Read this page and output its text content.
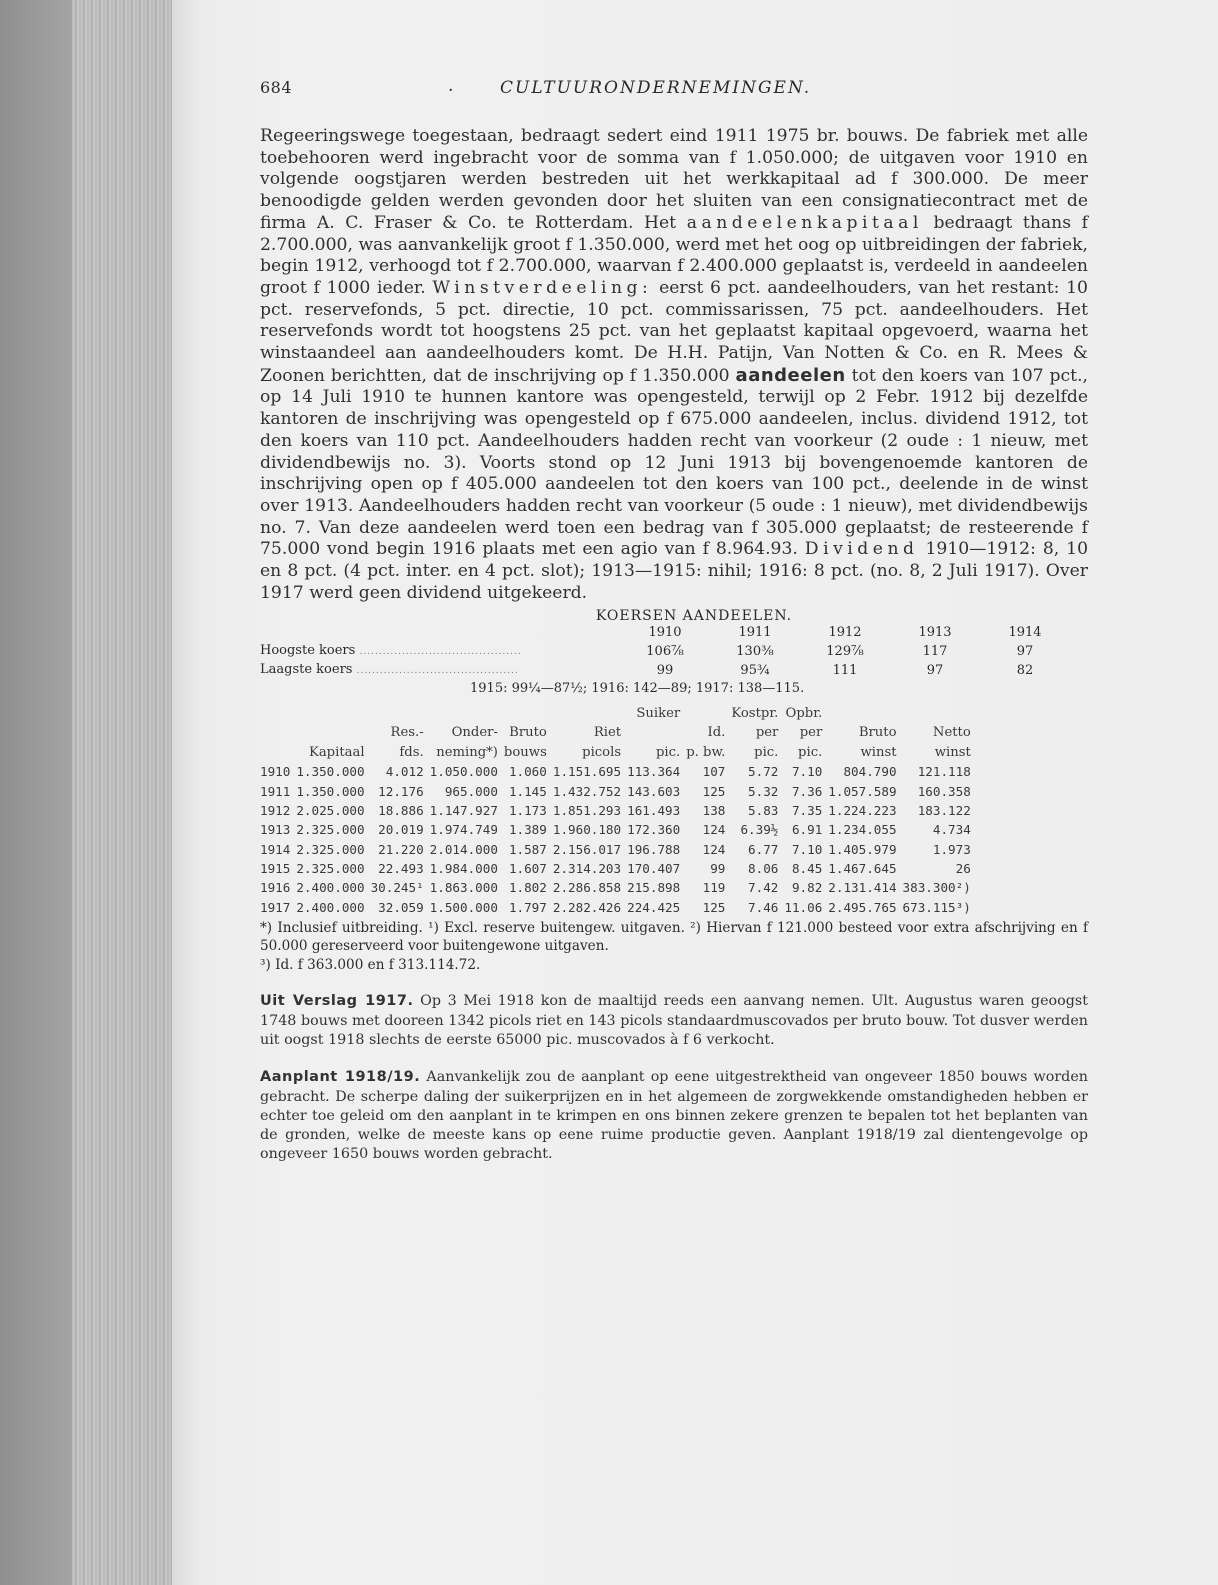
684	.	CULTUURONDERNEMINGEN.

Regeeringswege toegestaan, bedraagt sedert eind 1911 1975 br. bouws. De fabriek met alle toebehooren werd ingebracht voor de somma van f 1.050.000; de uitgaven voor 1910 en volgende oogstjaren werden bestreden uit het werkkapitaal ad f 300.000. De meer benoodigde gelden werden gevonden door het sluiten van een consignatiecontract met de firma A. C. Fraser & Co. te Rotterdam. Het aandeelenkapitaal bedraagt thans f 2.700.000, was aanvankelijk groot f 1.350.000, werd met het oog op uitbreidingen der fabriek, begin 1912, verhoogd tot f 2.700.000, waarvan f 2.400.000 geplaatst is, verdeeld in aandeelen groot f 1000 ieder. Winstverdeeling: eerst 6 pct. aandeelhouders, van het restant: 10 pct. reservefonds, 5 pct. directie, 10 pct. commissarissen, 75 pct. aandeelhouders. Het reservefonds wordt tot hoogstens 25 pct. van het geplaatst kapitaal opgevoerd, waarna het winstaandeel aan aandeelhouders komt. De H.H. Patijn, Van Notten & Co. en R. Mees & Zoonen berichtten, dat de inschrijving op f 1.350.000 aandeelen tot den koers van 107 pct., op 14 Juli 1910 te hunnen kantore was opengesteld, terwijl op 2 Febr. 1912 bij dezelfde kantoren de inschrijving was opengesteld op f 675.000 aandeelen, inclus. dividend 1912, tot den koers van 110 pct. Aandeelhouders hadden recht van voorkeur (2 oude : 1 nieuw, met dividendbewijs no. 3). Voorts stond op 12 Juni 1913 bij bovengenoemde kantoren de inschrijving open op f 405.000 aandeelen tot den koers van 100 pct., deelende in de winst over 1913. Aandeelhouders hadden recht van voorkeur (5 oude : 1 nieuw), met dividendbewijs no. 7. Van deze aandeelen werd toen een bedrag van f 305.000 geplaatst; de resteerende f 75.000 vond begin 1916 plaats met een agio van f 8.964.93. Dividend 1910—1912: 8, 10 en 8 pct. (4 pct. inter. en 4 pct. slot); 1913—1915: nihil; 1916: 8 pct. (no. 8, 2 Juli 1917). Over 1917 werd geen dividend uitgekeerd.

KOERSEN AANDEELEN.
	1910	1911	1912	1913	1914
Hoogste koers ..........................................	106⅞	130⅜	129⅞	117	97
Laagste koers ..........................................	99	95¾	111	97	82
1915: 99¼—87½; 1916: 142—89; 1917: 138—115.
						Suiker		Kostpr.	Opbr.		
		Res.-	Onder-	Bruto	Riet		Id.	per	per	Bruto	Netto
	Kapitaal	fds.	neming*)	bouws	picols	pic.	p. bw.	pic.	pic.	winst	winst
1910	1.350.000	4.012	1.050.000	1.060	1.151.695	113.364	107	5.72	7.10	804.790	121.118
1911	1.350.000	12.176	965.000	1.145	1.432.752	143.603	125	5.32	7.36	1.057.589	160.358
1912	2.025.000	18.886	1.147.927	1.173	1.851.293	161.493	138	5.83	7.35	1.224.223	183.122
1913	2.325.000	20.019	1.974.749	1.389	1.960.180	172.360	124	6.39½	6.91	1.234.055	4.734
1914	2.325.000	21.220	2.014.000	1.587	2.156.017	196.788	124	6.77	7.10	1.405.979	1.973
1915	2.325.000	22.493	1.984.000	1.607	2.314.203	170.407	99	8.06	8.45	1.467.645	26
1916	2.400.000	30.245¹	1.863.000	1.802	2.286.858	215.898	119	7.42	9.82	2.131.414	383.300²)
1917	2.400.000	32.059	1.500.000	1.797	2.282.426	224.425	125	7.46	11.06	2.495.765	673.115³)
*) Inclusief uitbreiding. ¹) Excl. reserve buitengew. uitgaven. ²) Hiervan f 121.000 besteed voor extra afschrijving en f 50.000 gereserveerd voor buitengewone uitgaven.
³) Id. f 363.000 en f 313.114.72.

Uit Verslag 1917. Op 3 Mei 1918 kon de maaltijd reeds een aanvang nemen. Ult. Augustus waren geoogst 1748 bouws met dooreen 1342 picols riet en 143 picols standaardmuscovados per bruto bouw. Tot dusver werden uit oogst 1918 slechts de eerste 65000 pic. muscovados à f 6 verkocht.

Aanplant 1918/19. Aanvankelijk zou de aanplant op eene uitgestrektheid van ongeveer 1850 bouws worden gebracht. De scherpe daling der suikerprijzen en in het algemeen de zorgwekkende omstandigheden hebben er echter toe geleid om den aanplant in te krimpen en ons binnen zekere grenzen te bepalen tot het beplanten van de gronden, welke de meeste kans op eene ruime productie geven. Aanplant 1918/19 zal dientengevolge op ongeveer 1650 bouws worden gebracht.
